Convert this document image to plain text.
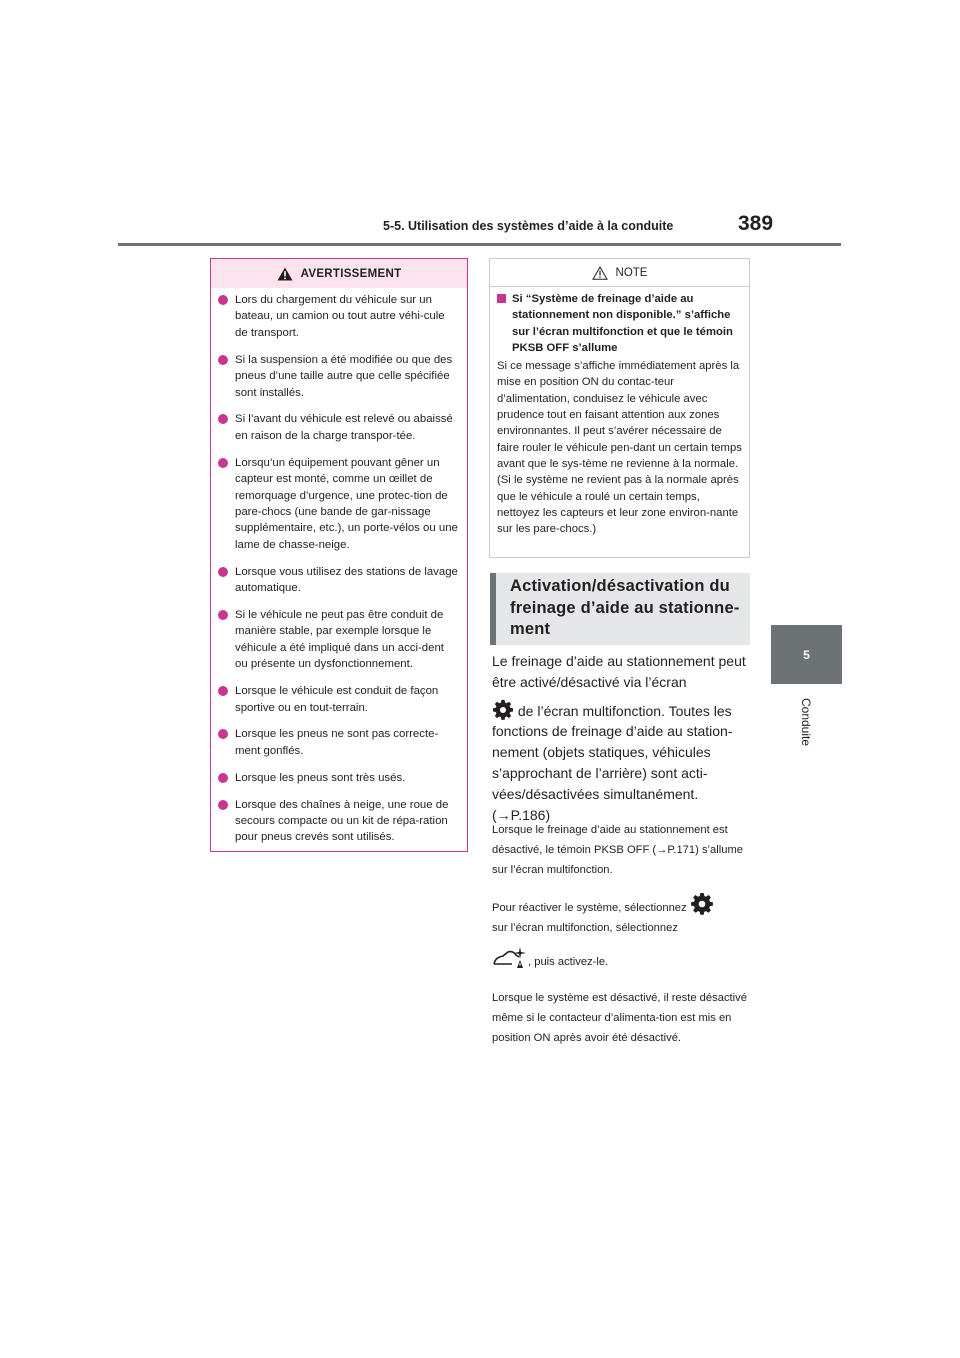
5-5. Utilisation des systèmes d’aide à la conduite	389
5
Conduite
AVERTISSEMENT
Lors du chargement du véhicule sur un bateau, un camion ou tout autre véhi-cule de transport.
Si la suspension a été modifiée ou que des pneus d’une taille autre que celle spécifiée sont installés.
Si l’avant du véhicule est relevé ou abaissé en raison de la charge transpor-tée.
Lorsqu’un équipement pouvant gêner un capteur est monté, comme un œillet de remorquage d’urgence, une protec-tion de pare-chocs (une bande de gar-nissage supplémentaire, etc.), un porte-vélos ou une lame de chasse-neige.
Lorsque vous utilisez des stations de lavage automatique.
Si le véhicule ne peut pas être conduit de manière stable, par exemple lorsque le véhicule a été impliqué dans un acci-dent ou présente un dysfonctionnement.
Lorsque le véhicule est conduit de façon sportive ou en tout-terrain.
Lorsque les pneus ne sont pas correcte-ment gonflés.
Lorsque les pneus sont très usés.
Lorsque des chaînes à neige, une roue de secours compacte ou un kit de répa-ration pour pneus crevés sont utilisés.
NOTE
Si “Système de freinage d’aide au stationnement non disponible.” s’affiche sur l’écran multifonction et que le témoin PKSB OFF s’allume
Si ce message s’affiche immédiatement après la mise en position ON du contac-teur d’alimentation, conduisez le véhicule avec prudence tout en faisant attention aux zones environnantes. Il peut s’avérer nécessaire de faire rouler le véhicule pen-dant un certain temps avant que le sys-tème ne revienne à la normale. (Si le système ne revient pas à la normale après que le véhicule a roulé un certain temps, nettoyez les capteurs et leur zone environ-nante sur les pare-chocs.)
Activation/désactivation du freinage d’aide au stationne-ment
Le freinage d’aide au stationnement peut être activé/désactivé via l’écran
de l’écran multifonction. Toutes les fonctions de freinage d’aide au station-nement (objets statiques, véhicules s’approchant de l’arrière) sont acti-vées/désactivées simultanément.
(→P.186)
Lorsque le freinage d’aide au stationnement est désactivé, le témoin PKSB OFF (→P.171) s’allume sur l’écran multifonction.
Pour réactiver le système, sélectionnez
sur l’écran multifonction, sélectionnez
, puis activez-le.
Lorsque le système est désactivé, il reste désactivé même si le contacteur d’alimenta-tion est mis en position ON après avoir été désactivé.
